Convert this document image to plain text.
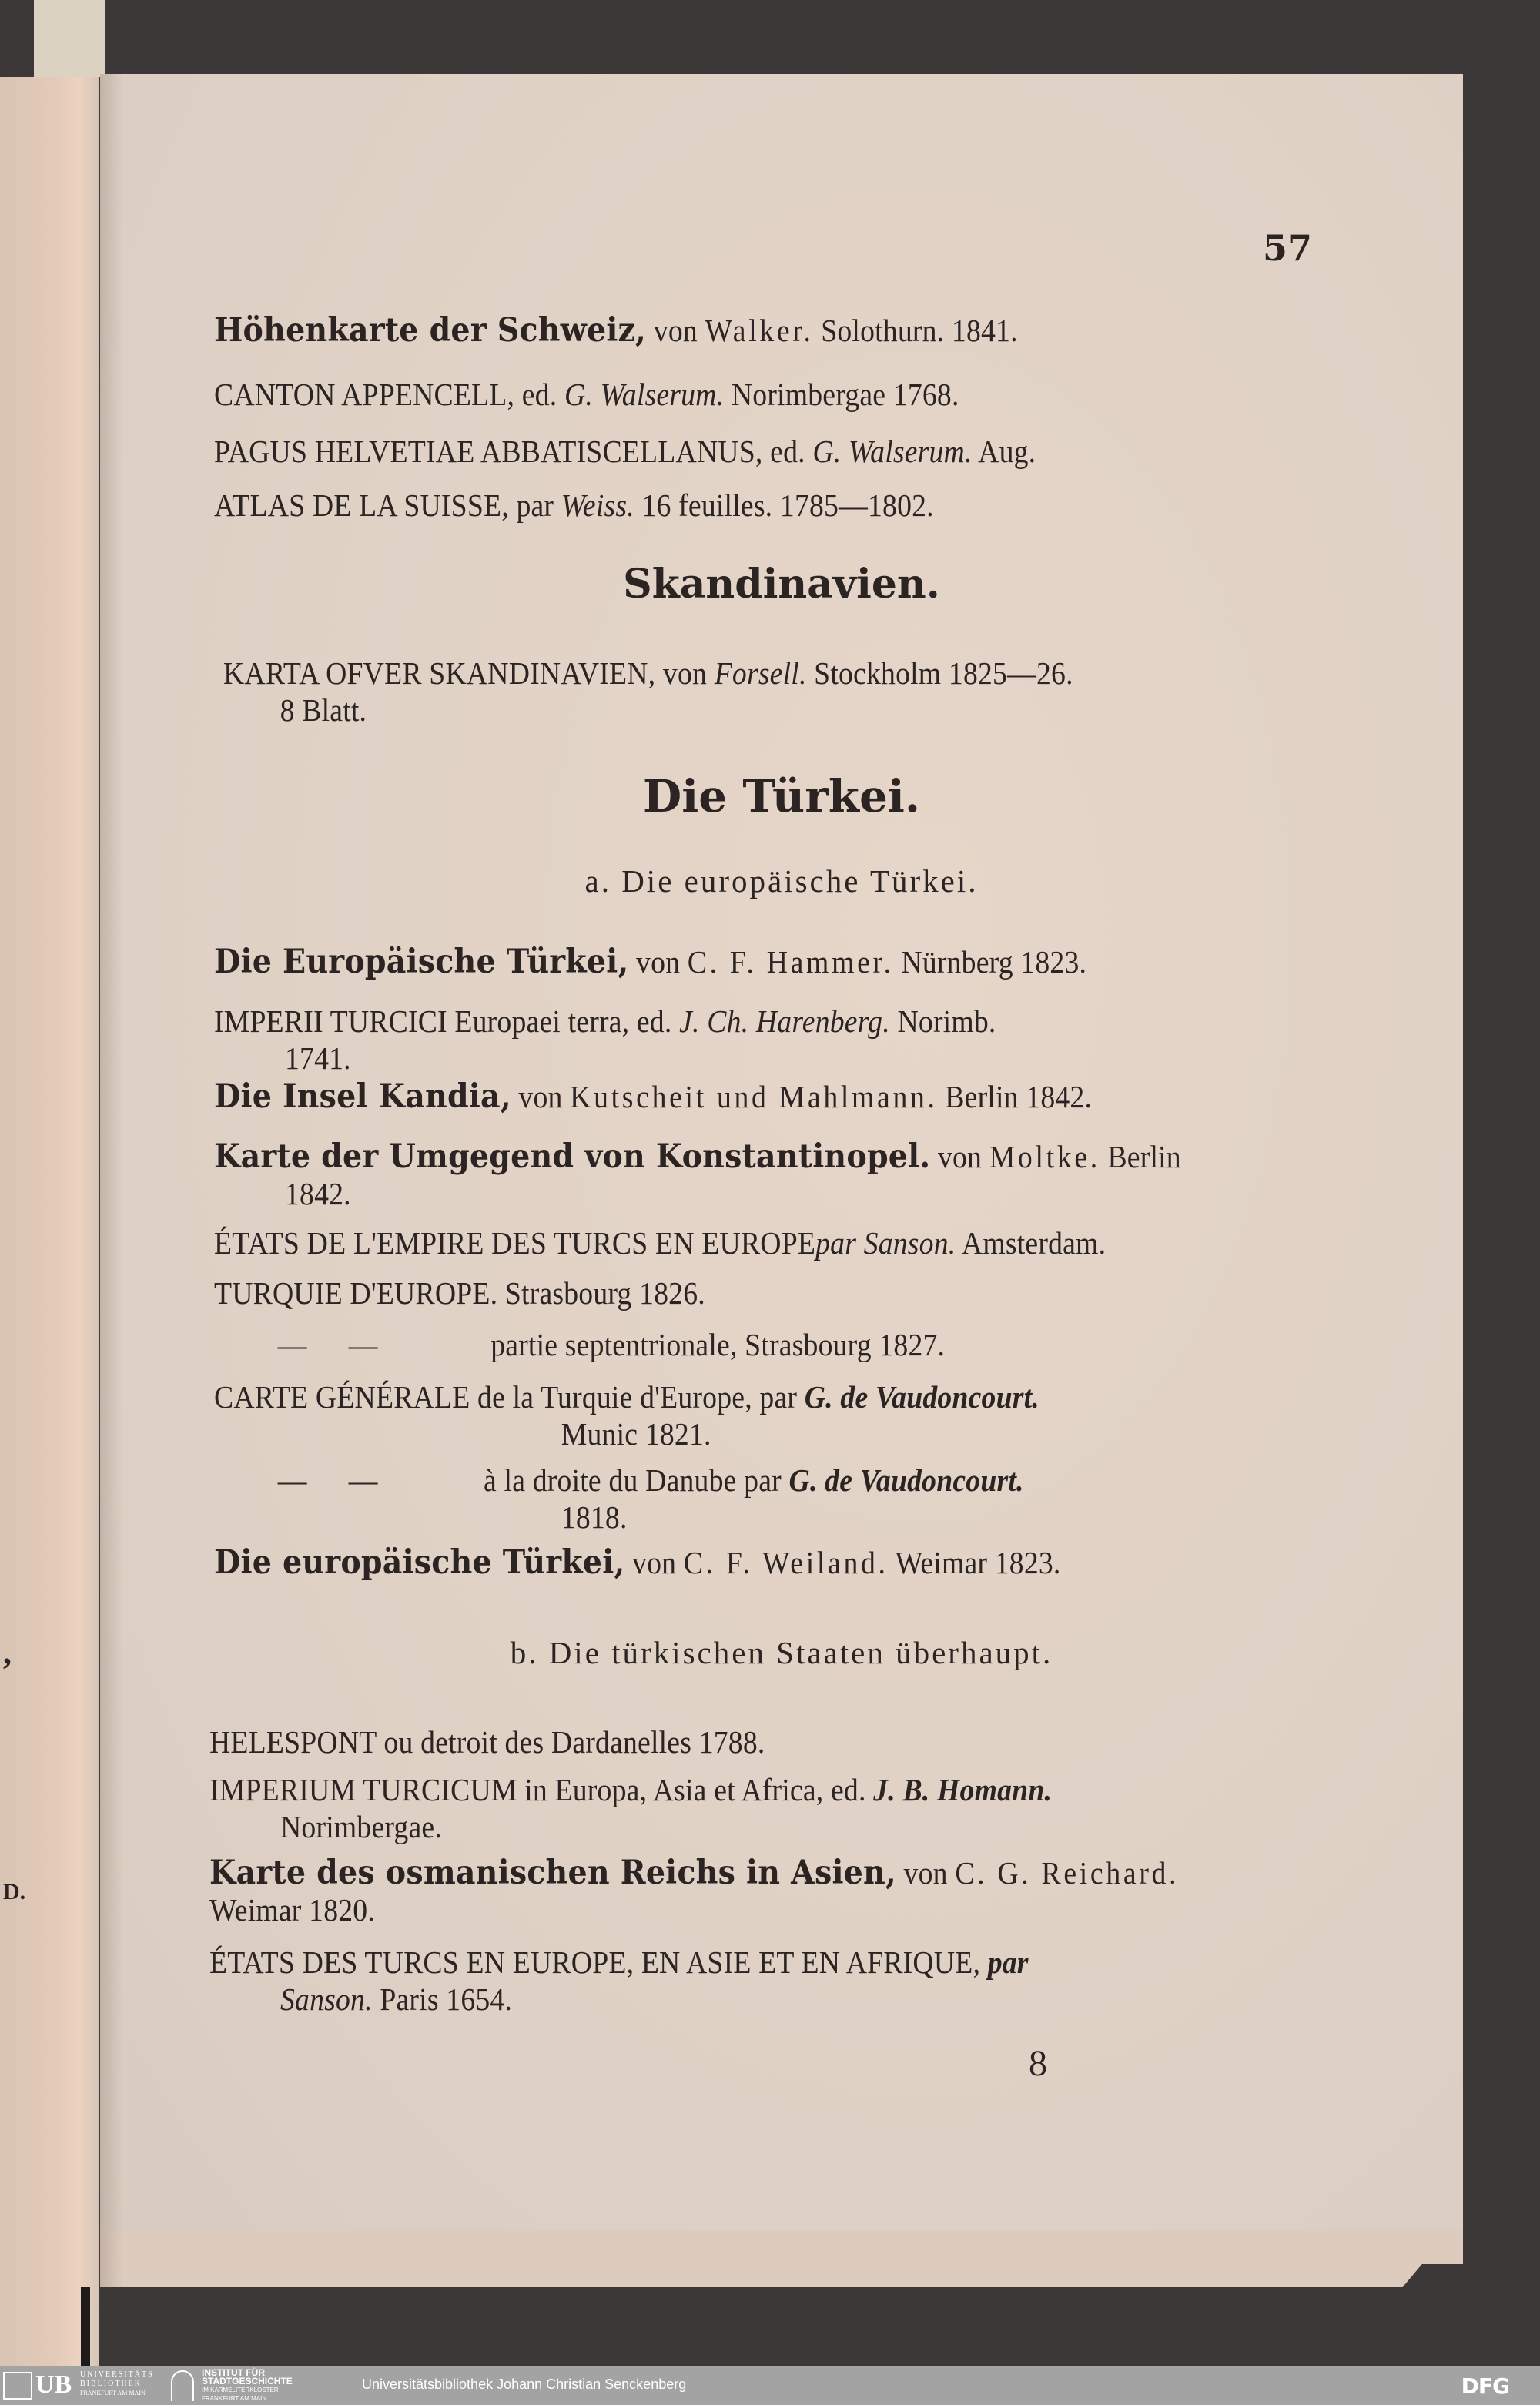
,
D.
57
Höhenkarte der Schweiz, von Walker. Solothurn. 1841.
CANTON APPENCELL, ed. G. Walserum. Norimbergae 1768.
PAGUS HELVETIAE ABBATISCELLANUS, ed. G. Walserum. Aug.
ATLAS DE LA SUISSE, par Weiss. 16 feuilles. 1785—1802.
Skandinavien.
KARTA OFVER SKANDINAVIEN, von Forsell. Stockholm 1825—26.
8 Blatt.
Die Türkei.
a. Die europäische Türkei.
Die Europäische Türkei, von C. F. Hammer. Nürnberg 1823.
IMPERII TURCICI Europaei terra, ed. J. Ch. Harenberg. Norimb.
1741.
Die Insel Kandia, von Kutscheit und Mahlmann. Berlin 1842.
Karte der Umgegend von Konstantinopel. von Moltke. Berlin
1842.
ÉTATS DE L'EMPIRE DES TURCS EN EUROPEpar Sanson. Amsterdam.
TURQUIE D'EUROPE. Strasbourg 1826.
— —	partie septentrionale, Strasbourg 1827.
CARTE GÉNÉRALE de la Turquie d'Europe, par G. de Vaudoncourt.
Munic 1821.
— —	à la droite du Danube par G. de Vaudoncourt.
1818.
Die europäische Türkei, von C. F. Weiland. Weimar 1823.
b. Die türkischen Staaten überhaupt.
HELESPONT ou detroit des Dardanelles 1788.
IMPERIUM TURCICUM in Europa, Asia et Africa, ed. J. B. Homann.
Norimbergae.
Karte des osmanischen Reichs in Asien, von C. G. Reichard.
Weimar 1820.
ÉTATS DES TURCS EN EUROPE, EN ASIE ET EN AFRIQUE, par
Sanson. Paris 1654.
8
UB UNIVERSITÄTS
BIBLIOTHEK
FRANKFURT AM MAIN
INSTITUT FÜR
STADTGESCHICHTE
IM KARMELITERKLOSTER
FRANKFURT AM MAIN
Universitätsbibliothek Johann Christian Senckenberg	DFG
